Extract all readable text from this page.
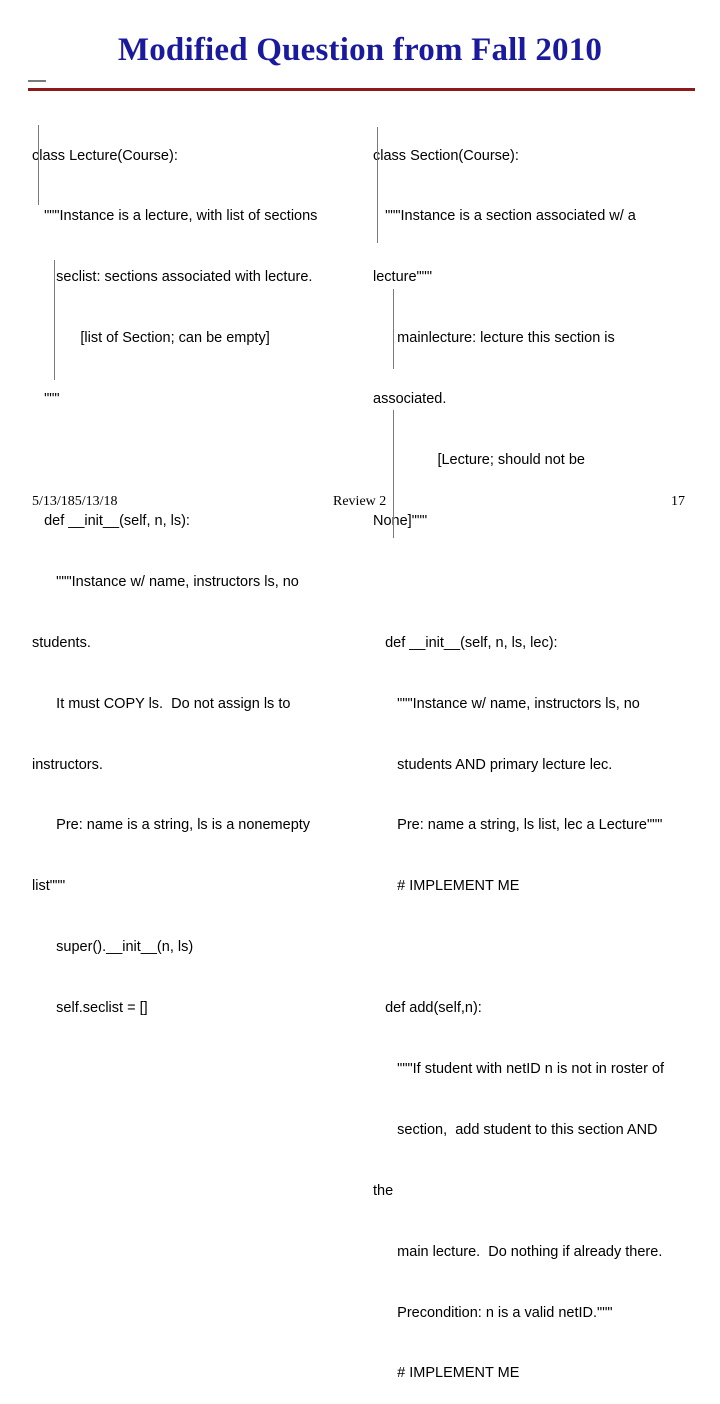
Modified Question from Fall 2010

class Lecture(Course):

"""Instance is a lecture, with list of sections

seclist: sections associated with lecture.

[list of Section; can be empty]

"""

def __init__(self, n, ls):

"""Instance w/ name, instructors ls, no

students.

It must COPY ls.  Do not assign ls to

instructors.

Pre: name is a string, ls is a nonemepty

list"""

super().__init__(n, ls)

self.seclist = []

class Section(Course):

"""Instance is a section associated w/ a

lecture"""

mainlecture: lecture this section is

associated.

[Lecture; should not be

None]"""

def __init__(self, n, ls, lec):

"""Instance w/ name, instructors ls, no

students AND primary lecture lec.

Pre: name a string, ls list, lec a Lecture"""

# IMPLEMENT ME

def add(self,n):

"""If student with netID n is not in roster of

section,  add student to this section AND

the

main lecture.  Do nothing if already there.

Precondition: n is a valid netID."""

# IMPLEMENT ME

5/13/185/13/18	Review 2	17
